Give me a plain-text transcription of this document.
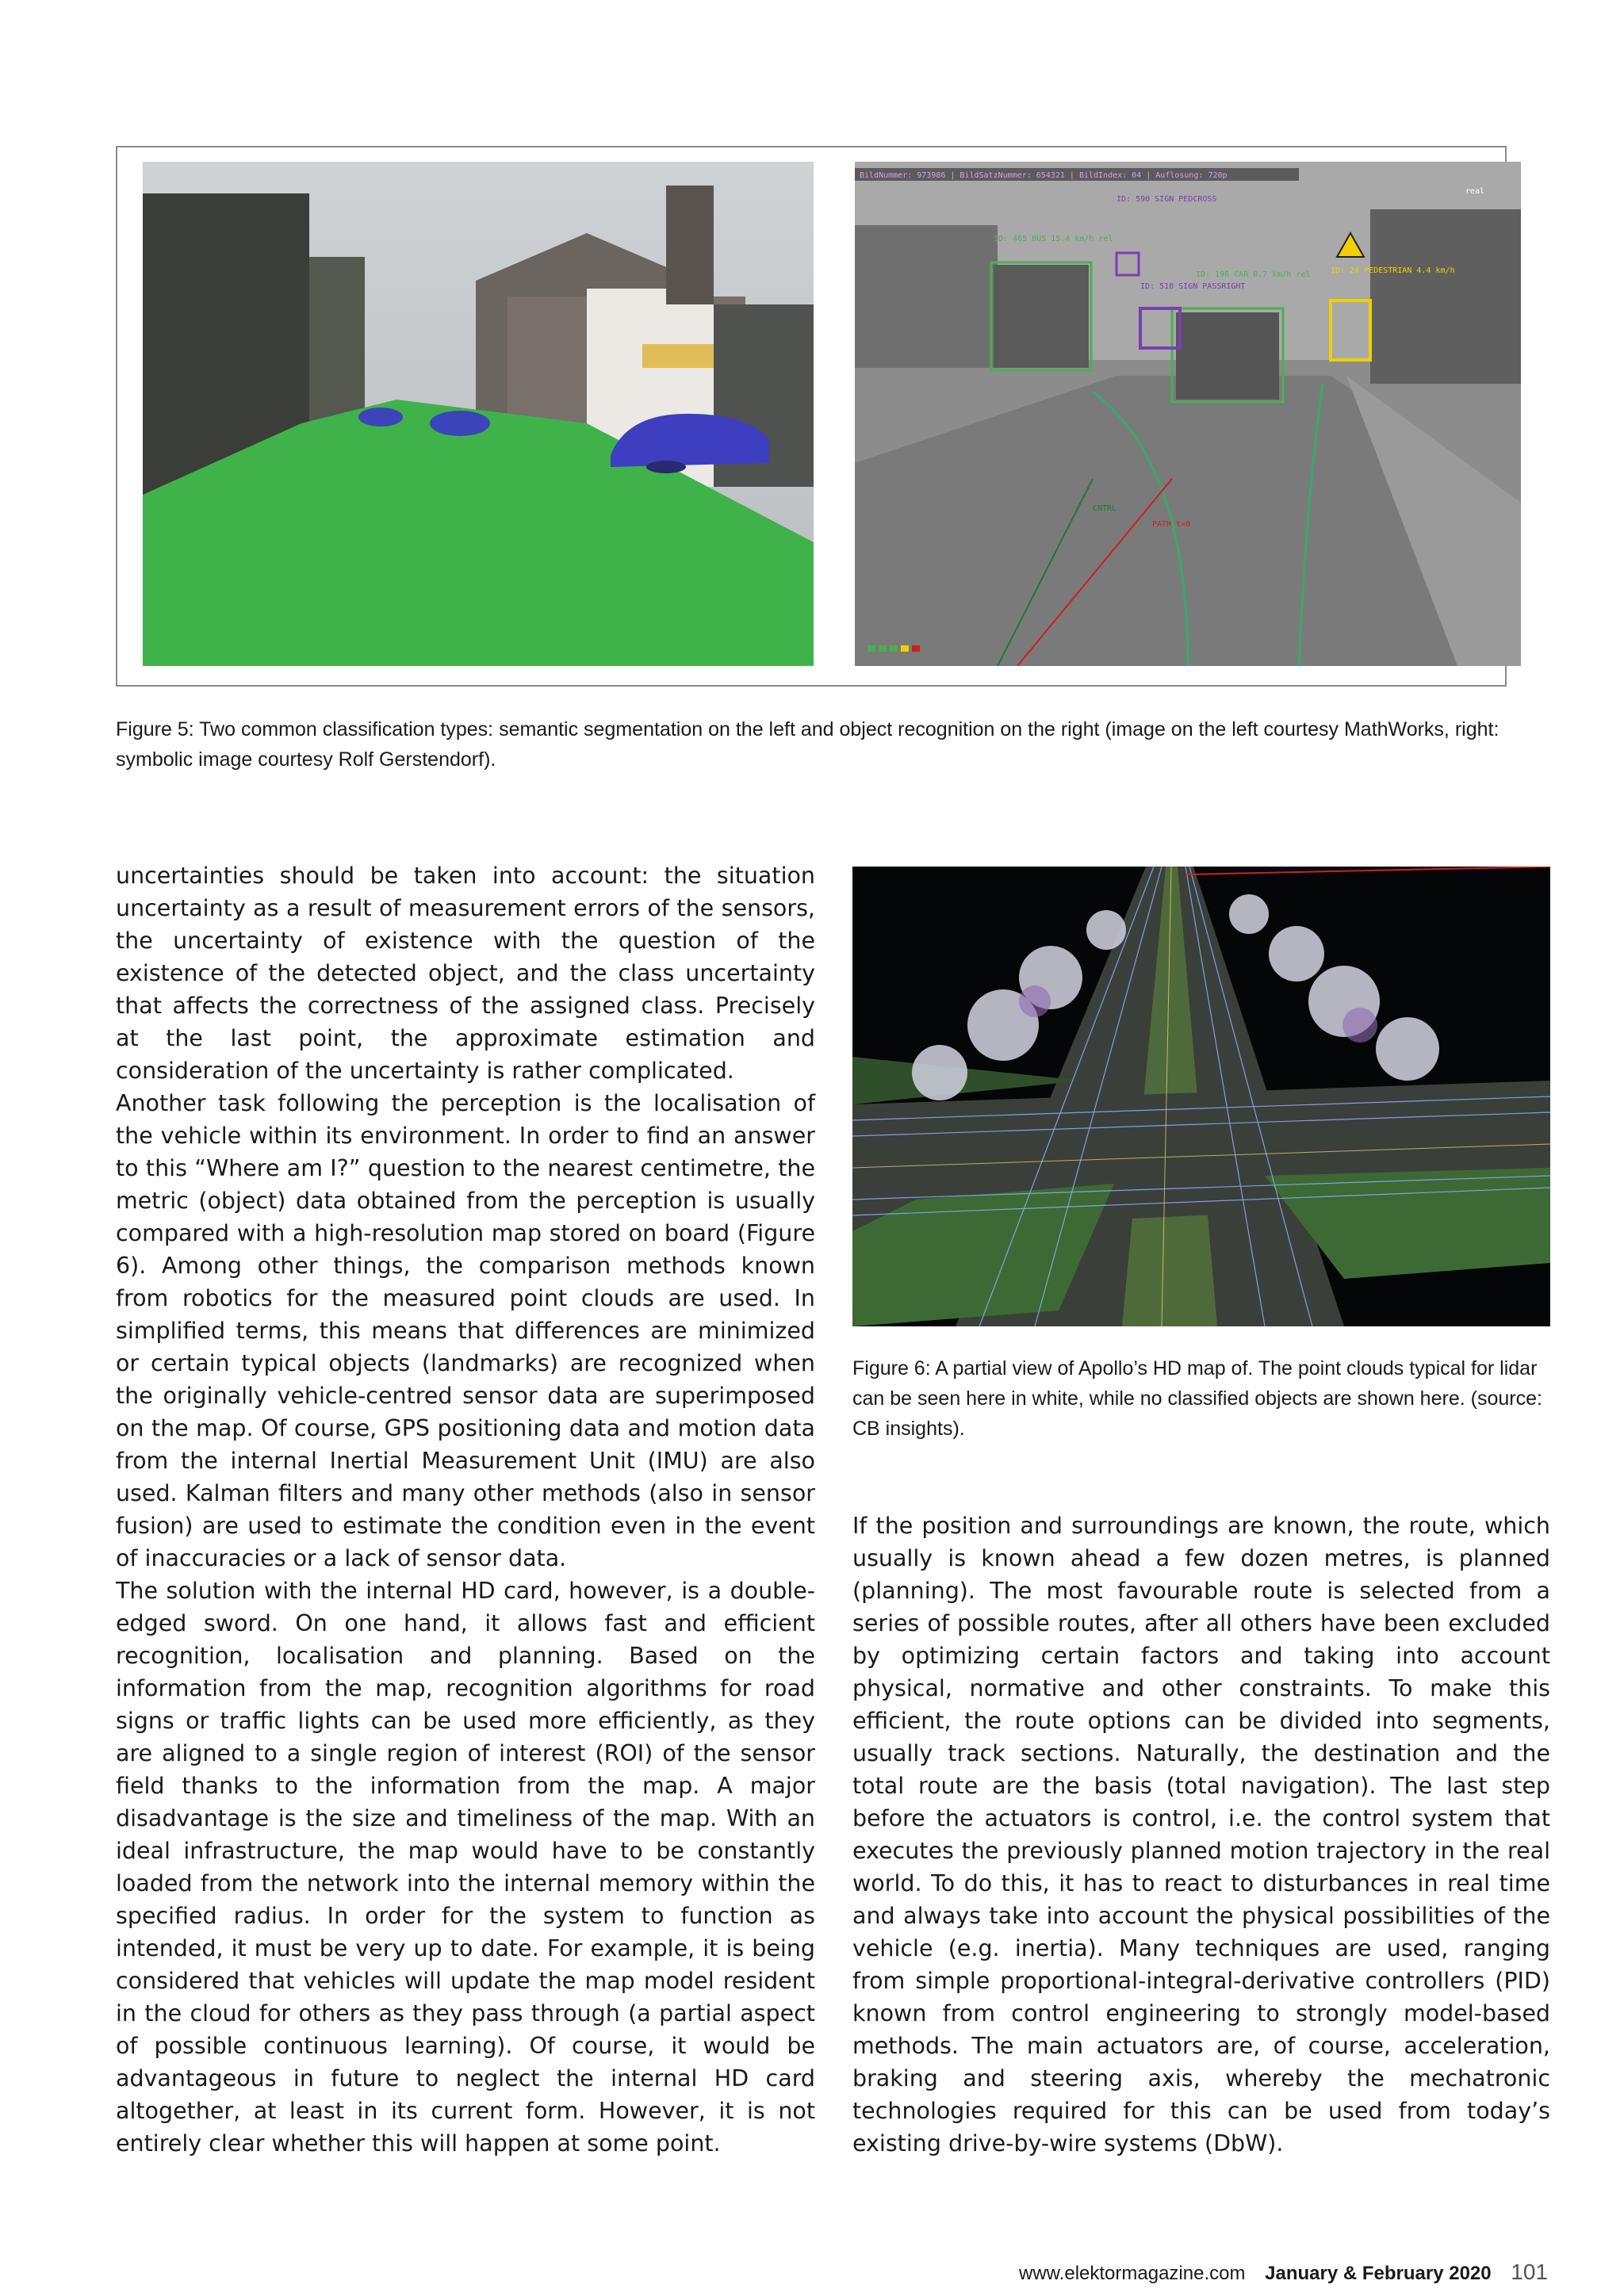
BildNummer: 973986 | BildSatzNummer: 654321 | BildIndex: 04 | Auflosung: 720p
real
ID: 590 SIGN PEDCROSS
ID: 465 BUS 15.4 km/h rel
ID: 510 SIGN PASSRIGHT
ID: 196 CAR 0.7 km/h rel	ID: 24 PEDESTRIAN 4.4 km/h
CNTRL
PATH t=0
Figure 5: Two common classification types: semantic segmentation on the left and object recognition on the right (image on the left courtesy MathWorks, right: symbolic image courtesy Rolf Gerstendorf).
Figure 6: A partial view of Apollo’s HD map of. The point clouds typical for lidar can be seen here in white, while no classified objects are shown here. (source: CB insights).

uncertainties should be taken into account: the situation uncertainty as a result of measurement errors of the sensors, the uncertainty of existence with the question of the existence of the detected object, and the class uncertainty that affects the correctness of the assigned class. Precisely at the last point, the approximate estimation and consideration of the uncertainty is rather complicated.

Another task following the perception is the localisation of the vehicle within its environment. In order to find an answer to this “Where am I?” question to the nearest centimetre, the metric (object) data obtained from the perception is usually compared with a high-resolution map stored on board (Figure 6). Among other things, the comparison methods known from robotics for the measured point clouds are used. In simplified terms, this means that differences are minimized or certain typical objects (landmarks) are recognized when the originally vehicle-centred sensor data are superimposed on the map. Of course, GPS positioning data and motion data from the internal Inertial Measurement Unit (IMU) are also used. Kalman filters and many other methods (also in sensor fusion) are used to estimate the condition even in the event of inaccuracies or a lack of sensor data.

The solution with the internal HD card, however, is a double-edged sword. On one hand, it allows fast and efficient recognition, localisation and planning. Based on the information from the map, recognition algorithms for road signs or traffic lights can be used more efficiently, as they are aligned to a single region of interest (ROI) of the sensor field thanks to the information from the map. A major disadvantage is the size and timeliness of the map. With an ideal infrastructure, the map would have to be constantly loaded from the network into the internal memory within the specified radius. In order for the system to function as intended, it must be very up to date. For example, it is being considered that vehicles will update the map model resident in the cloud for others as they pass through (a partial aspect of possible continuous learning). Of course, it would be advantageous in future to neglect the internal HD card altogether, at least in its current form. However, it is not entirely clear whether this will happen at some point.

If the position and surroundings are known, the route, which usually is known ahead a few dozen metres, is planned (planning). The most favourable route is selected from a series of possible routes, after all others have been excluded by optimizing certain factors and taking into account physical, normative and other constraints. To make this efficient, the route options can be divided into segments, usually track sections. Naturally, the destination and the total route are the basis (total navigation). The last step before the actuators is control, i.e. the control system that executes the previously planned motion trajectory in the real world. To do this, it has to react to disturbances in real time and always take into account the physical possibilities of the vehicle (e.g. inertia). Many techniques are used, ranging from simple proportional-integral-derivative controllers (PID) known from control engineering to strongly model-based methods. The main actuators are, of course, acceleration, braking and steering axis, whereby the mechatronic technologies required for this can be used from today’s existing drive-by-wire systems (DbW).

www.elektormagazine.com January & February 2020 101
